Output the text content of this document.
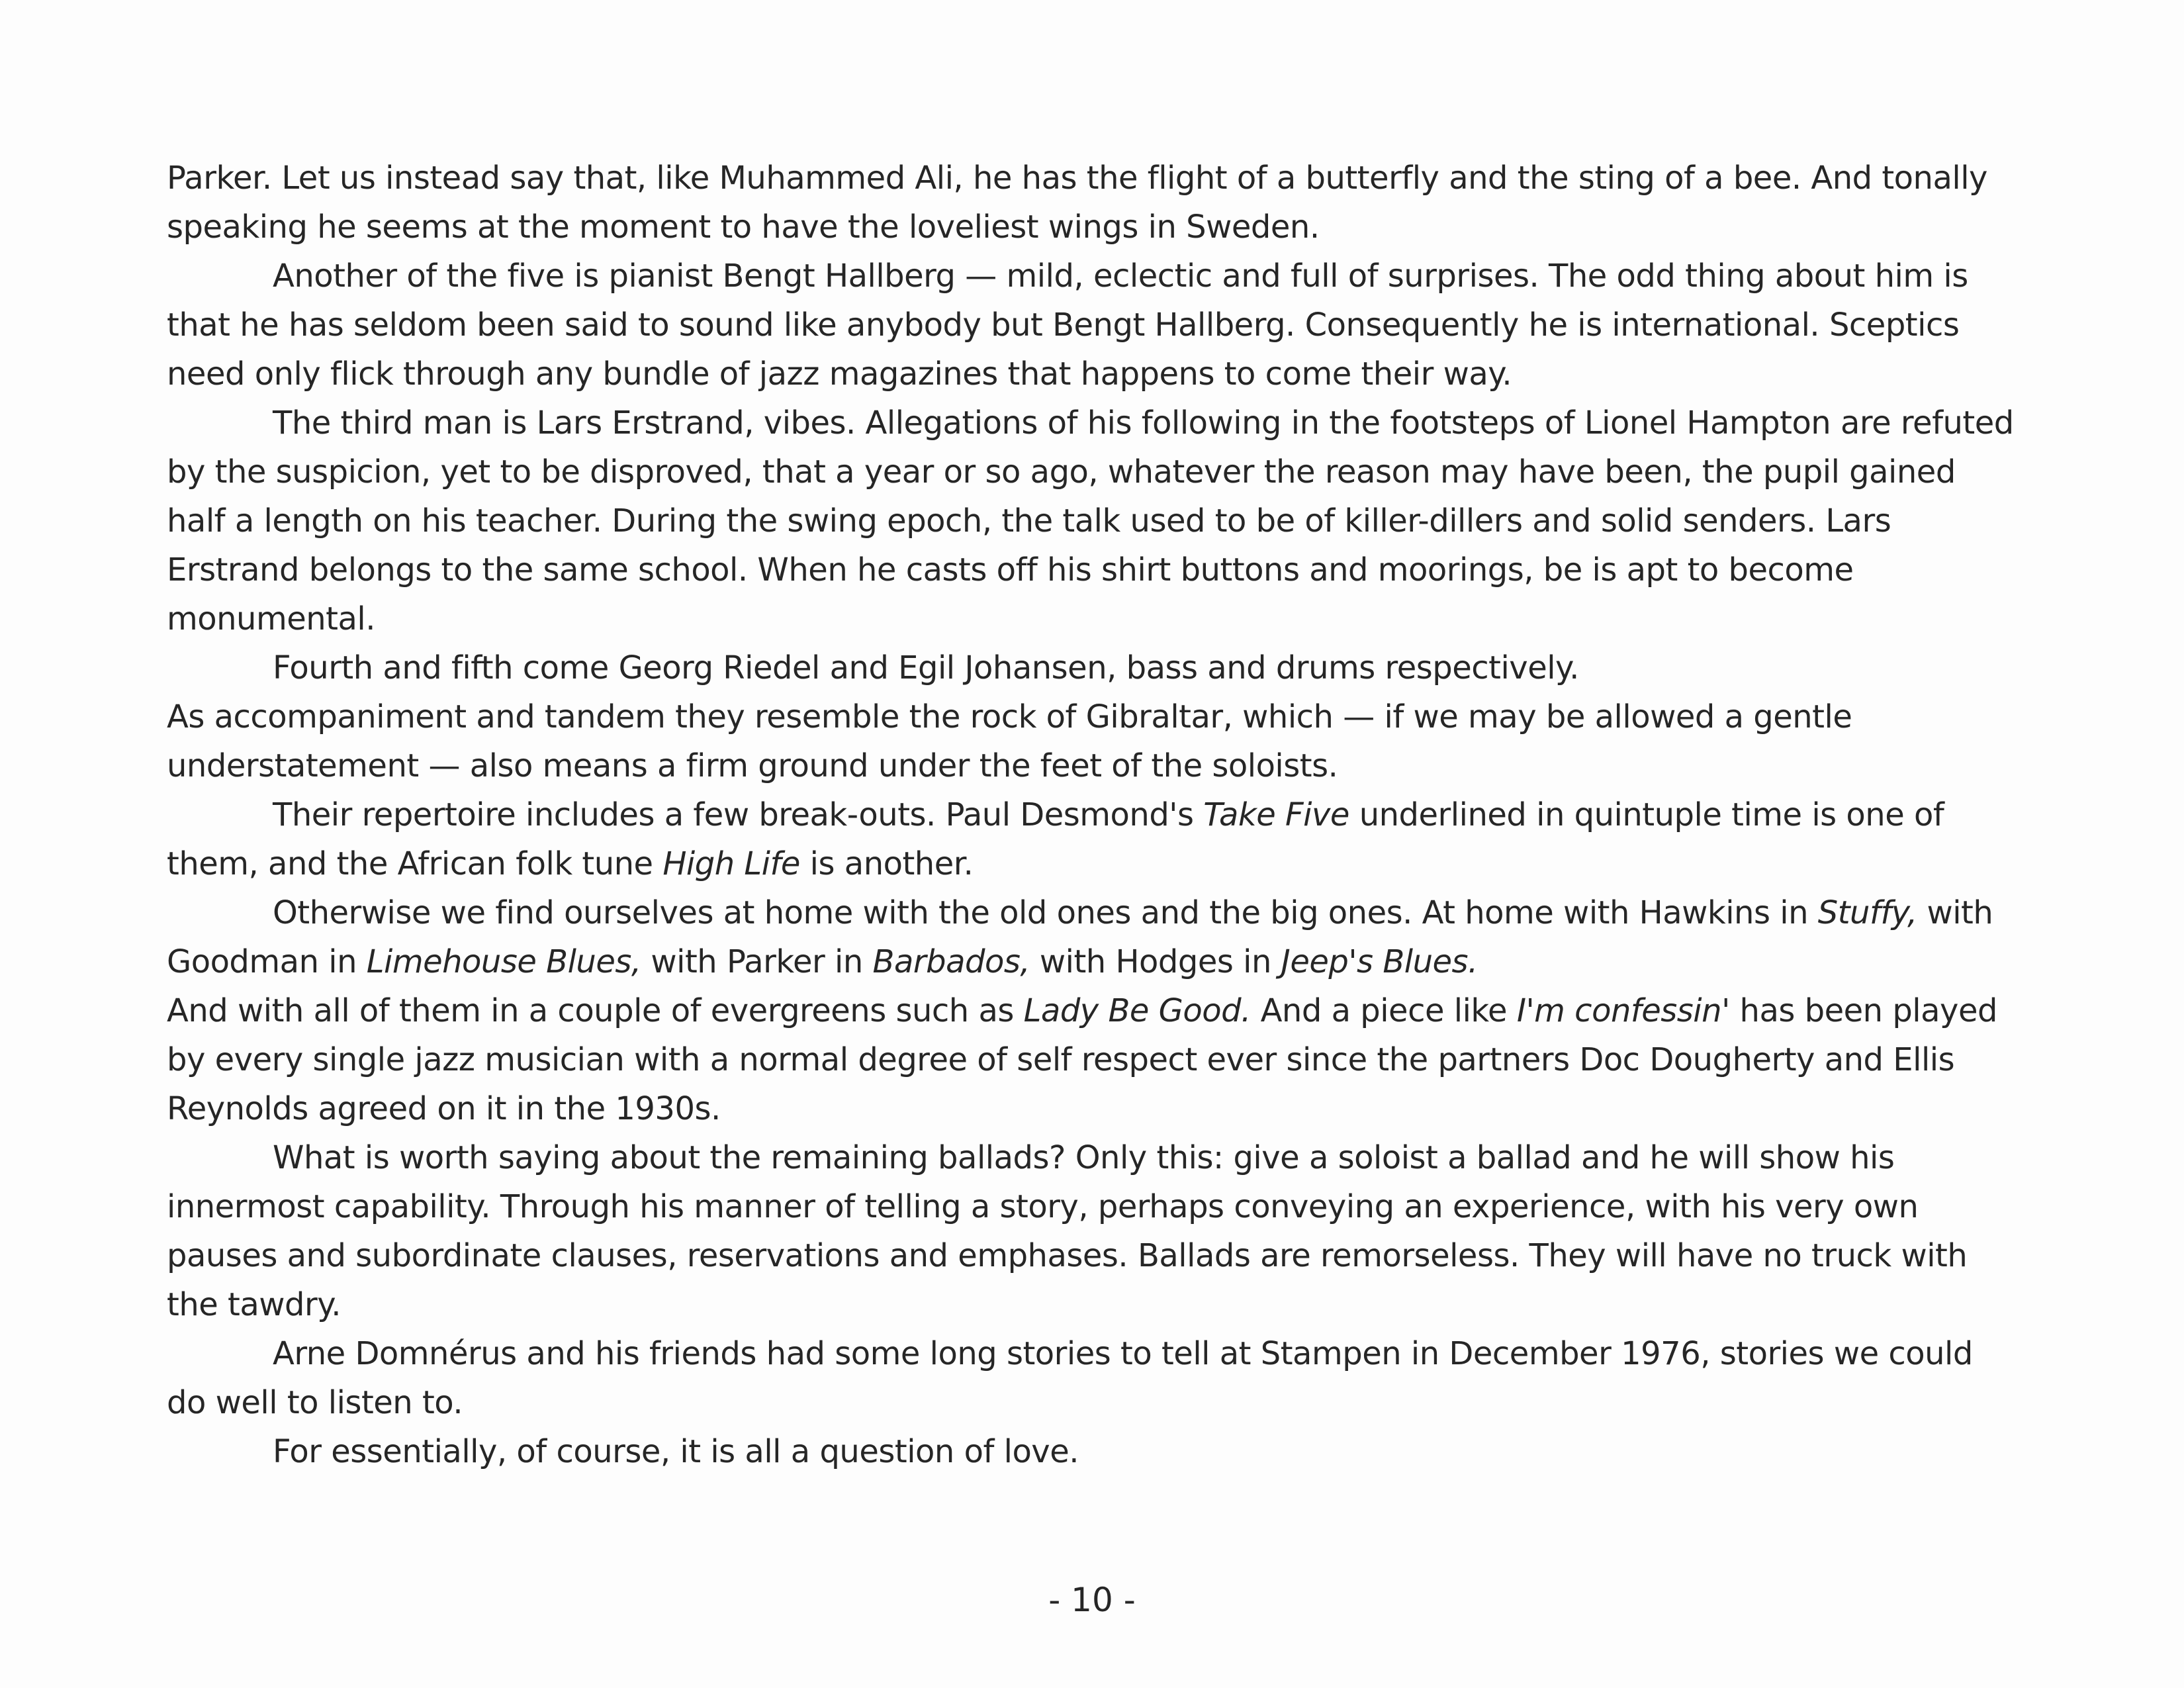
Parker. Let us instead say that, like Muhammed Ali, he has the flight of a butterfly and the sting of a bee. And tonally speaking he seems at the moment to have the loveliest wings in Sweden.

Another of the five is pianist Bengt Hallberg — mild, eclectic and full of surprises. The odd thing about him is that he has seldom been said to sound like anybody but Bengt Hallberg. Consequently he is international. Sceptics need only flick through any bundle of jazz magazines that happens to come their way.

The third man is Lars Erstrand, vibes. Allegations of his following in the footsteps of Lionel Hampton are refuted by the suspicion, yet to be disproved, that a year or so ago, whatever the reason may have been, the pupil gained half a length on his teacher. During the swing epoch, the talk used to be of killer-dillers and solid senders. Lars Erstrand belongs to the same school. When he casts off his shirt buttons and moorings, be is apt to become monumental.

Fourth and fifth come Georg Riedel and Egil Johansen, bass and drums respectively.

As accompaniment and tandem they resemble the rock of Gibraltar, which — if we may be allowed a gentle understatement — also means a firm ground under the feet of the soloists.

Their repertoire includes a few break-outs. Paul Desmond's Take Five underlined in quintuple time is one of them, and the African folk tune High Life is another.

Otherwise we find ourselves at home with the old ones and the big ones. At home with Hawkins in Stuffy, with Goodman in Limehouse Blues, with Parker in Barbados, with Hodges in Jeep's Blues.

And with all of them in a couple of evergreens such as Lady Be Good. And a piece like I'm confessin' has been played by every single jazz musician with a normal degree of self respect ever since the partners Doc Dougherty and Ellis Reynolds agreed on it in the 1930s.

What is worth saying about the remaining ballads? Only this: give a soloist a ballad and he will show his innermost capability. Through his manner of telling a story, perhaps conveying an experience, with his very own pauses and subordinate clauses, reservations and emphases. Ballads are remorseless. They will have no truck with the tawdry.

Arne Domnérus and his friends had some long stories to tell at Stampen in December 1976, stories we could do well to listen to.

For essentially, of course, it is all a question of love.

- 10 -
